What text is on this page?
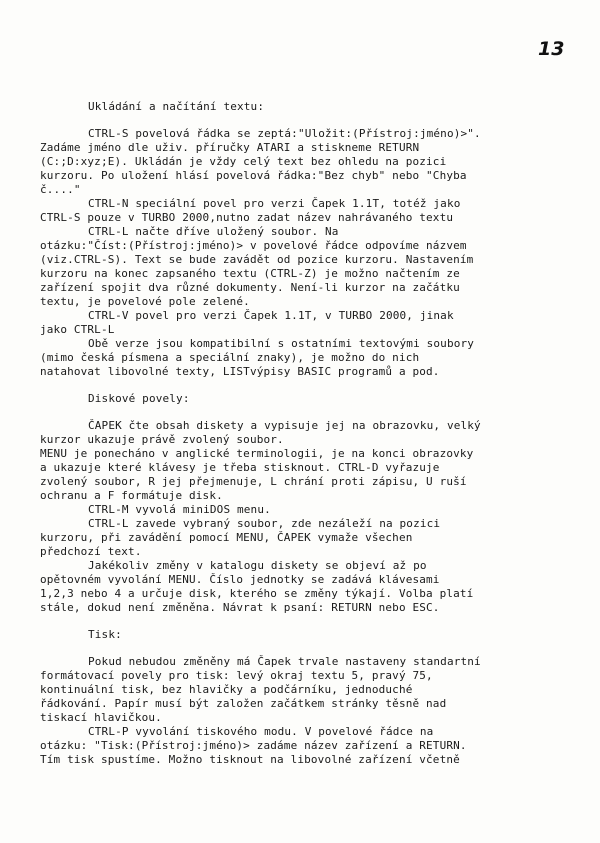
13
Ukládání a načítání textu:
CTRL-S povelová řádka se zeptá:"Uložit:(Přístroj:jméno)>".
Zadáme jméno dle uživ. příručky ATARI a stiskneme RETURN
(C:;D:xyz;E). Ukládán je vždy celý text bez ohledu na pozici
kurzoru. Po uložení hlásí povelová řádka:"Bez chyb" nebo "Chyba
č...."
CTRL-N speciální povel pro verzi Čapek 1.1T, totéž jako
CTRL-S pouze v TURBO 2000,nutno zadat název nahrávaného textu
CTRL-L načte dříve uložený soubor. Na
otázku:"Číst:(Přístroj:jméno)> v povelové řádce odpovíme názvem
(viz.CTRL-S). Text se bude zavádět od pozice kurzoru. Nastavením
kurzoru na konec zapsaného textu (CTRL-Z) je možno načtením ze
zařízení spojit dva různé dokumenty. Není-li kurzor na začátku
textu, je povelové pole zelené.
CTRL-V povel pro verzi Čapek 1.1T, v TURBO 2000, jinak
jako CTRL-L
Obě verze jsou kompatibilní s ostatními textovými soubory
(mimo česká písmena a speciální znaky), je možno do nich
natahovat libovolné texty, LISTvýpisy BASIC programů a pod.
Diskové povely:
ČAPEK čte obsah diskety a vypisuje jej na obrazovku, velký
kurzor ukazuje právě zvolený soubor.
MENU je ponecháno v anglické terminologii, je na konci obrazovky
a ukazuje které klávesy je třeba stisknout. CTRL-D vyřazuje
zvolený soubor, R jej přejmenuje, L chrání proti zápisu, U ruší
ochranu a F formátuje disk.
CTRL-M vyvolá miniDOS menu.
CTRL-L zavede vybraný soubor, zde nezáleží na pozici
kurzoru, při zavádění pomocí MENU, ČAPEK vymaže všechen
předchozí text.
Jakékoliv změny v katalogu diskety se objeví až po
opětovném vyvolání MENU. Číslo jednotky se zadává klávesami
1,2,3 nebo 4 a určuje disk, kterého se změny týkají. Volba platí
stále, dokud není změněna. Návrat k psaní: RETURN nebo ESC.
Tisk:
Pokud nebudou změněny má Čapek trvale nastaveny standartní
formátovací povely pro tisk: levý okraj textu 5, pravý 75,
kontinuální tisk, bez hlavičky a podčárníku, jednoduché
řádkování. Papír musí být založen začátkem stránky těsně nad
tiskací hlavičkou.
CTRL-P vyvolání tiskového modu. V povelové řádce na
otázku: "Tisk:(Přístroj:jméno)> zadáme název zařízení a RETURN.
Tím tisk spustíme. Možno tisknout na libovolné zařízení včetně
